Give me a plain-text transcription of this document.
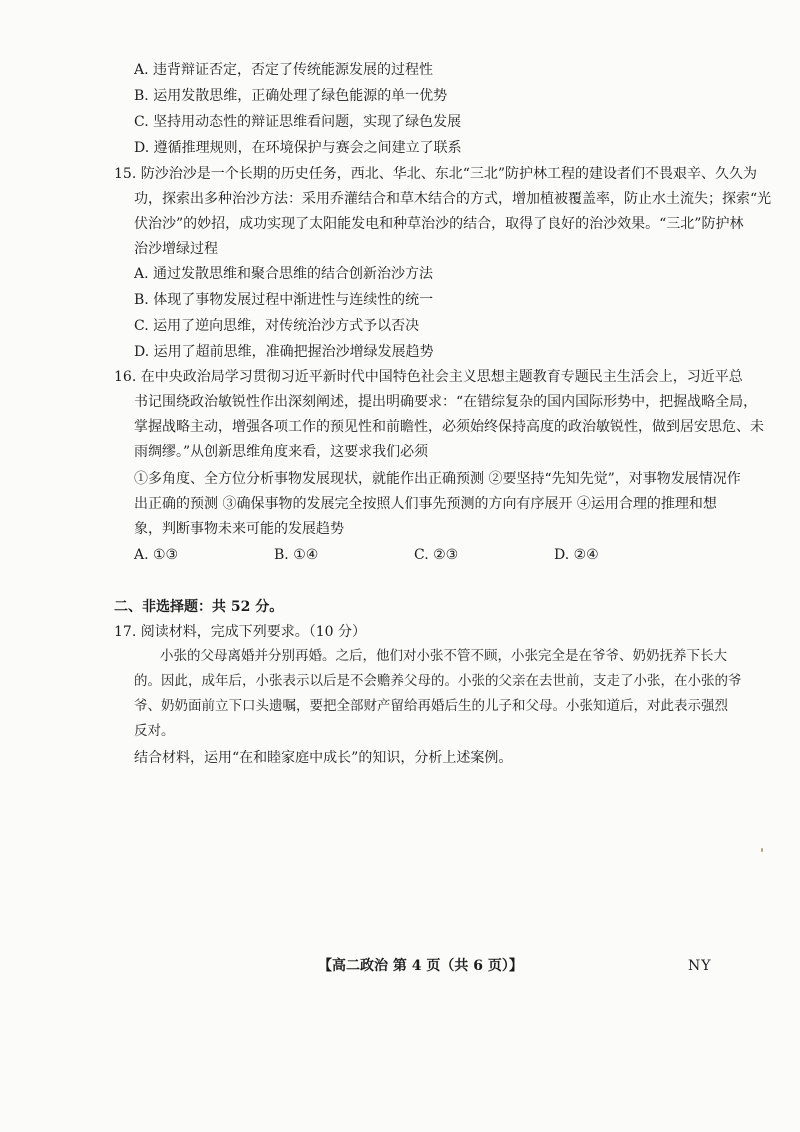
A. 违背辩证否定，否定了传统能源发展的过程性
B. 运用发散思维，正确处理了绿色能源的单一优势
C. 坚持用动态性的辩证思维看问题，实现了绿色发展
D. 遵循推理规则，在环境保护与赛会之间建立了联系
15. 防沙治沙是一个长期的历史任务，西北、华北、东北“三北”防护林工程的建设者们不畏艰辛、久久为
功，探索出多种治沙方法：采用乔灌结合和草木结合的方式，增加植被覆盖率，防止水土流失；探索“光
伏治沙”的妙招，成功实现了太阳能发电和种草治沙的结合，取得了良好的治沙效果。“三北”防护林
治沙增绿过程
A. 通过发散思维和聚合思维的结合创新治沙方法
B. 体现了事物发展过程中渐进性与连续性的统一
C. 运用了逆向思维，对传统治沙方式予以否决
D. 运用了超前思维，准确把握治沙增绿发展趋势
16. 在中央政治局学习贯彻习近平新时代中国特色社会主义思想主题教育专题民主生活会上，习近平总
书记围绕政治敏锐性作出深刻阐述，提出明确要求：“在错综复杂的国内国际形势中，把握战略全局，
掌握战略主动，增强各项工作的预见性和前瞻性，必须始终保持高度的政治敏锐性，做到居安思危、未
雨绸缪。”从创新思维角度来看，这要求我们必须
①多角度、全方位分析事物发展现状，就能作出正确预测 ②要坚持“先知先觉”，对事物发展情况作
出正确的预测 ③确保事物的发展完全按照人们事先预测的方向有序展开 ④运用合理的推理和想
象，判断事物未来可能的发展趋势
A. ①③	B. ①④	C. ②③	D. ②④
二、非选择题：共 52 分。
17. 阅读材料，完成下列要求。（10 分）
小张的父母离婚并分别再婚。之后，他们对小张不管不顾，小张完全是在爷爷、奶奶抚养下长大
的。因此，成年后，小张表示以后是不会赡养父母的。小张的父亲在去世前，支走了小张，在小张的爷
爷、奶奶面前立下口头遗嘱，要把全部财产留给再婚后生的儿子和父母。小张知道后，对此表示强烈
反对。
结合材料，运用“在和睦家庭中成长”的知识，分析上述案例。
【高二政治 第 4 页（共 6 页）】	NY
